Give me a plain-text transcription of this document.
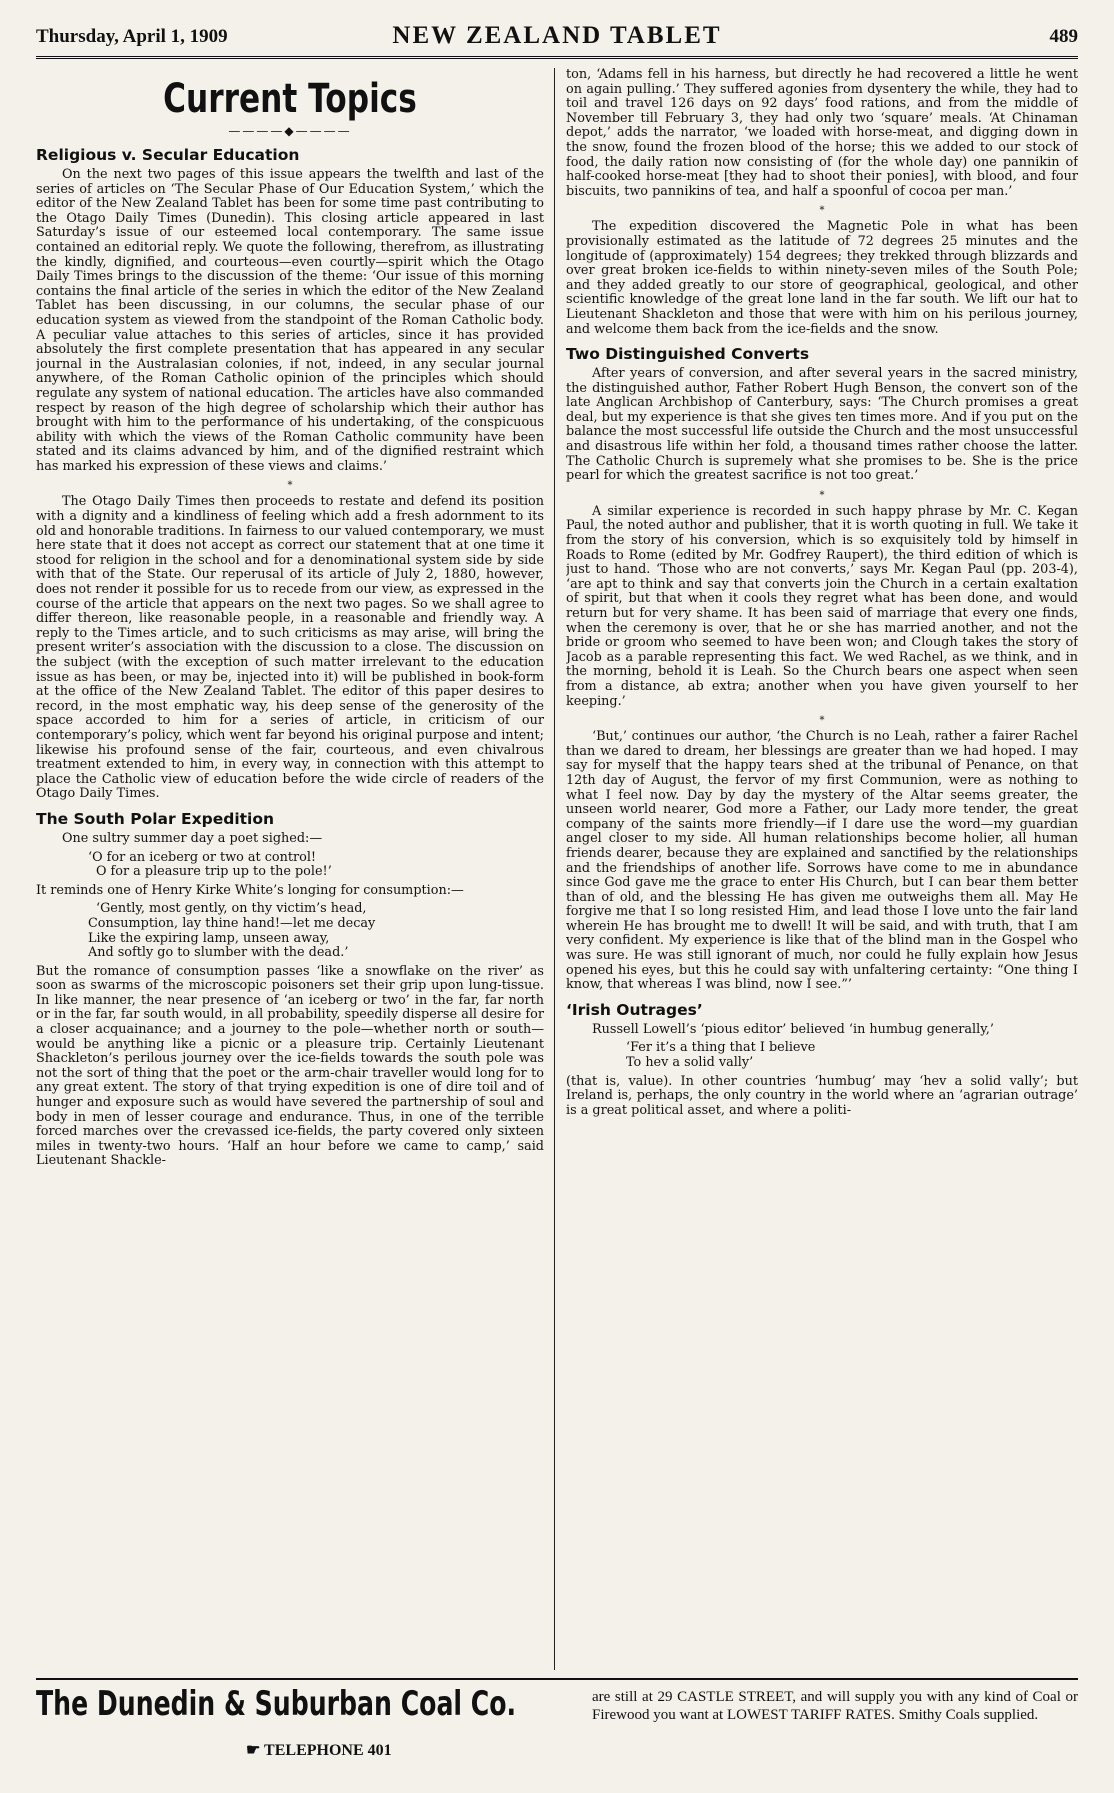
Thursday, April 1, 1909	NEW ZEALAND TABLET	489
Current Topics
————◆————
Religious v. Secular Education

On the next two pages of this issue appears the twelfth and last of the series of articles on ‘The Secular Phase of Our Education System,’ which the editor of the New Zealand Tablet has been for some time past contributing to the Otago Daily Times (Dunedin). This closing article appeared in last Saturday’s issue of our esteemed local contemporary. The same issue contained an editorial reply. We quote the following, therefrom, as illustrating the kindly, dignified, and courteous—even courtly—spirit which the Otago Daily Times brings to the discussion of the theme: ‘Our issue of this morning contains the final article of the series in which the editor of the New Zealand Tablet has been discussing, in our columns, the secular phase of our education system as viewed from the standpoint of the Roman Catholic body. A peculiar value attaches to this series of articles, since it has provided absolutely the first complete presentation that has appeared in any secular journal in the Australasian colonies, if not, indeed, in any secular journal anywhere, of the Roman Catholic opinion of the principles which should regulate any system of national education. The articles have also commanded respect by reason of the high degree of scholarship which their author has brought with him to the performance of his undertaking, of the conspicuous ability with which the views of the Roman Catholic community have been stated and its claims advanced by him, and of the dignified restraint which has marked his expression of these views and claims.’

*

The Otago Daily Times then proceeds to restate and defend its position with a dignity and a kindliness of feeling which add a fresh adornment to its old and honorable traditions. In fairness to our valued contemporary, we must here state that it does not accept as correct our statement that at one time it stood for religion in the school and for a denominational system side by side with that of the State. Our reperusal of its article of July 2, 1880, however, does not render it possible for us to recede from our view, as expressed in the course of the article that appears on the next two pages. So we shall agree to differ thereon, like reasonable people, in a reasonable and friendly way. A reply to the Times article, and to such criticisms as may arise, will bring the present writer’s association with the discussion to a close. The discussion on the subject (with the exception of such matter irrelevant to the education issue as has been, or may be, injected into it) will be published in book-form at the office of the New Zealand Tablet. The editor of this paper desires to record, in the most emphatic way, his deep sense of the generosity of the space accorded to him for a series of article, in criticism of our contemporary’s policy, which went far beyond his original purpose and intent; likewise his profound sense of the fair, courteous, and even chivalrous treatment extended to him, in every way, in connection with this attempt to place the Catholic view of education before the wide circle of readers of the Otago Daily Times.

The South Polar Expedition

One sultry summer day a poet sighed:—

‘O for an iceberg or two at control!
O for a pleasure trip up to the pole!’

It reminds one of Henry Kirke White’s longing for consumption:—

‘Gently, most gently, on thy victim’s head,
Consumption, lay thine hand!—let me decay
Like the expiring lamp, unseen away,
And softly go to slumber with the dead.’

But the romance of consumption passes ‘like a snowflake on the river’ as soon as swarms of the microscopic poisoners set their grip upon lung-tissue. In like manner, the near presence of ‘an iceberg or two’ in the far, far north or in the far, far south would, in all probability, speedily disperse all desire for a closer acquainance; and a journey to the pole—whether north or south—would be anything like a picnic or a pleasure trip. Certainly Lieutenant Shackleton’s perilous journey over the ice-fields towards the south pole was not the sort of thing that the poet or the arm-chair traveller would long for to any great extent. The story of that trying expedition is one of dire toil and of hunger and exposure such as would have severed the partnership of soul and body in men of lesser courage and endurance. Thus, in one of the terrible forced marches over the crevassed ice-fields, the party covered only sixteen miles in twenty-two hours. ‘Half an hour before we came to camp,’ said Lieutenant Shackle-

ton, ‘Adams fell in his harness, but directly he had recovered a little he went on again pulling.’ They suffered agonies from dysentery the while, they had to toil and travel 126 days on 92 days’ food rations, and from the middle of November till February 3, they had only two ‘square’ meals. ‘At Chinaman depot,’ adds the narrator, ‘we loaded with horse-meat, and digging down in the snow, found the frozen blood of the horse; this we added to our stock of food, the daily ration now consisting of (for the whole day) one pannikin of half-cooked horse-meat [they had to shoot their ponies], with blood, and four biscuits, two pannikins of tea, and half a spoonful of cocoa per man.’

*

The expedition discovered the Magnetic Pole in what has been provisionally estimated as the latitude of 72 degrees 25 minutes and the longitude of (approximately) 154 degrees; they trekked through blizzards and over great broken ice-fields to within ninety-seven miles of the South Pole; and they added greatly to our store of geographical, geological, and other scientific knowledge of the great lone land in the far south. We lift our hat to Lieutenant Shackleton and those that were with him on his perilous journey, and welcome them back from the ice-fields and the snow.

Two Distinguished Converts

After years of conversion, and after several years in the sacred ministry, the distinguished author, Father Robert Hugh Benson, the convert son of the late Anglican Archbishop of Canterbury, says: ‘The Church promises a great deal, but my experience is that she gives ten times more. And if you put on the balance the most successful life outside the Church and the most unsuccessful and disastrous life within her fold, a thousand times rather choose the latter. The Catholic Church is supremely what she promises to be. She is the price pearl for which the greatest sacrifice is not too great.’

*

A similar experience is recorded in such happy phrase by Mr. C. Kegan Paul, the noted author and publisher, that it is worth quoting in full. We take it from the story of his conversion, which is so exquisitely told by himself in Roads to Rome (edited by Mr. Godfrey Raupert), the third edition of which is just to hand. ‘Those who are not converts,’ says Mr. Kegan Paul (pp. 203-4), ‘are apt to think and say that converts join the Church in a certain exaltation of spirit, but that when it cools they regret what has been done, and would return but for very shame. It has been said of marriage that every one finds, when the ceremony is over, that he or she has married another, and not the bride or groom who seemed to have been won; and Clough takes the story of Jacob as a parable representing this fact. We wed Rachel, as we think, and in the morning, behold it is Leah. So the Church bears one aspect when seen from a distance, ab extra; another when you have given yourself to her keeping.’

*

‘But,’ continues our author, ‘the Church is no Leah, rather a fairer Rachel than we dared to dream, her blessings are greater than we had hoped. I may say for myself that the happy tears shed at the tribunal of Penance, on that 12th day of August, the fervor of my first Communion, were as nothing to what I feel now. Day by day the mystery of the Altar seems greater, the unseen world nearer, God more a Father, our Lady more tender, the great company of the saints more friendly—if I dare use the word—my guardian angel closer to my side. All human relationships become holier, all human friends dearer, because they are explained and sanctified by the relationships and the friendships of another life. Sorrows have come to me in abundance since God gave me the grace to enter His Church, but I can bear them better than of old, and the blessing He has given me outweighs them all. May He forgive me that I so long resisted Him, and lead those I love unto the fair land wherein He has brought me to dwell! It will be said, and with truth, that I am very confident. My experience is like that of the blind man in the Gospel who was sure. He was still ignorant of much, nor could he fully explain how Jesus opened his eyes, but this he could say with unfaltering certainty: “One thing I know, that whereas I was blind, now I see.”’

‘Irish Outrages’

Russell Lowell’s ‘pious editor’ believed ‘in humbug generally,’

‘Fer it’s a thing that I believe
To hev a solid vally’

(that is, value). In other countries ‘humbug’ may ‘hev a solid vally’; but Ireland is, perhaps, the only country in the world where an ‘agrarian outrage’ is a great political asset, and where a politi-

The Dunedin & Suburban Coal Co.
☛ TELEPHONE 401
are still at 29 CASTLE STREET, and will supply you with any kind of Coal or Firewood you want at LOWEST TARIFF RATES. Smithy Coals supplied.
